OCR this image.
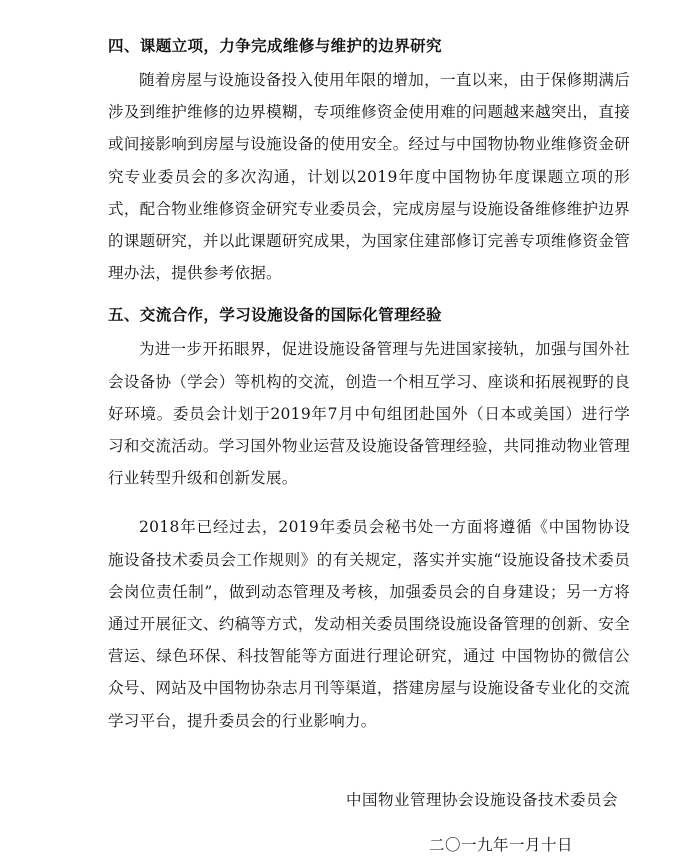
四、课题立项，力争完成维修与维护的边界研究

随着房屋与设施设备投入使用年限的增加，一直以来，由于保修期满后涉及到维护维修的边界模糊，专项维修资金使用难的问题越来越突出，直接或间接影响到房屋与设施设备的使用安全。经过与中国物协物业维修资金研究专业委员会的多次沟通，计划以2019年度中国物协年度课题立项的形式，配合物业维修资金研究专业委员会，完成房屋与设施设备维修维护边界的课题研究，并以此课题研究成果，为国家住建部修订完善专项维修资金管理办法，提供参考依据。

五、交流合作，学习设施设备的国际化管理经验

为进一步开拓眼界，促进设施设备管理与先进国家接轨，加强与国外社会设备协（学会）等机构的交流，创造一个相互学习、座谈和拓展视野的良好环境。委员会计划于2019年7月中旬组团赴国外（日本或美国）进行学习和交流活动。学习国外物业运营及设施设备管理经验，共同推动物业管理行业转型升级和创新发展。

2018年已经过去，2019年委员会秘书处一方面将遵循《中国物协设施设备技术委员会工作规则》的有关规定，落实并实施“设施设备技术委员会岗位责任制”，做到动态管理及考核，加强委员会的自身建设；另一方将通过开展征文、约稿等方式，发动相关委员围绕设施设备管理的创新、安全营运、绿色环保、科技智能等方面进行理论研究，通过 中国物协的微信公众号、网站及中国物协杂志月刊等渠道，搭建房屋与设施设备专业化的交流学习平台，提升委员会的行业影响力。

中国物业管理协会设施设备技术委员会

二〇一九年一月十日
